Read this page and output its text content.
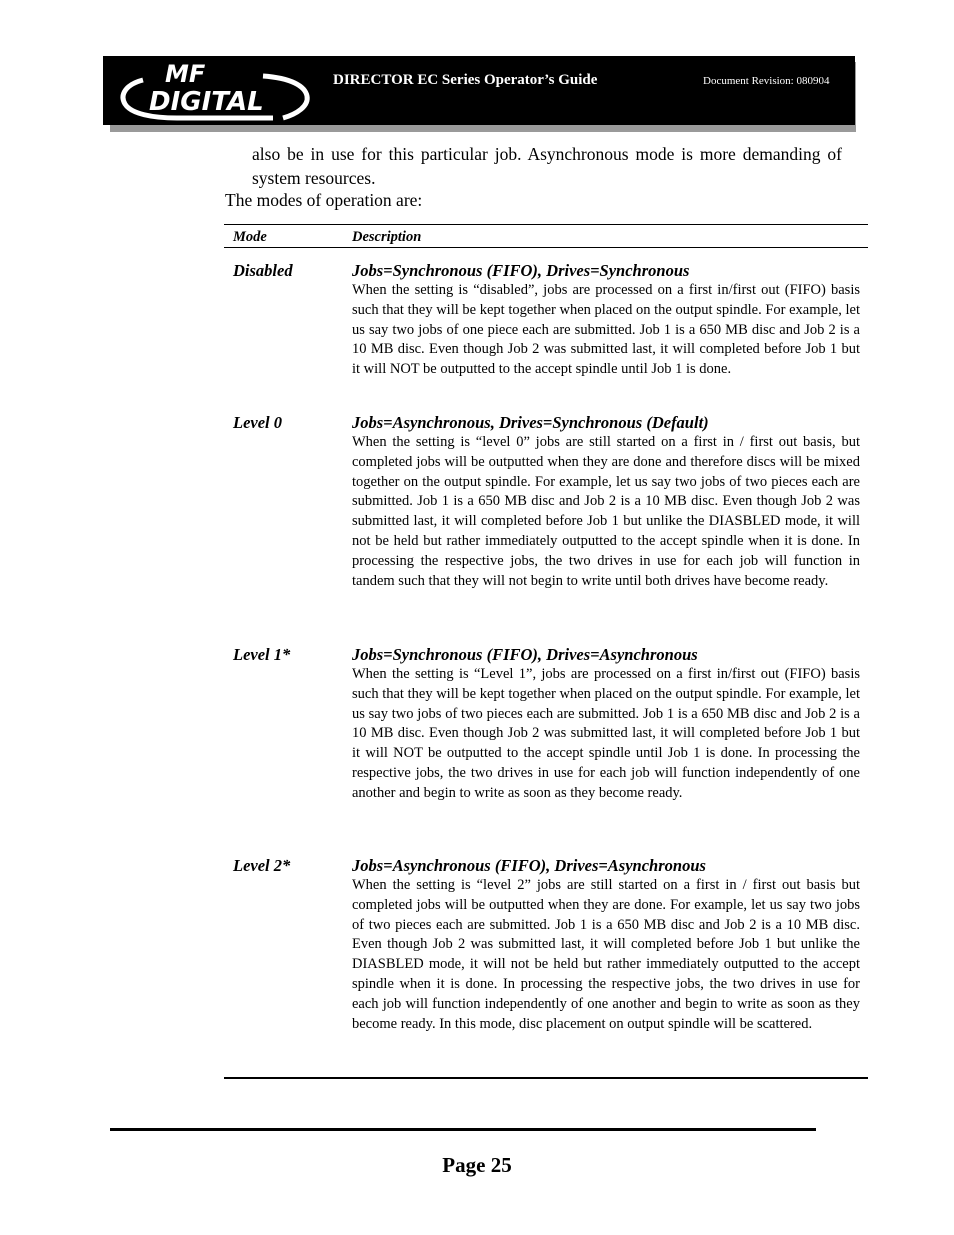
MF
DIGITAL
DIRECTOR EC Series Operator’s Guide	Document Revision: 080904

also be in use for this particular job. Asynchronous mode is more demanding of system resources.

The modes of operation are:

Mode	Description
Disabled	Jobs=Synchronous (FIFO), Drives=Synchronous

When the setting is “disabled”, jobs are processed on a first in/first out (FIFO) basis such that they will be kept together when placed on the output spindle. For example, let us say two jobs of one piece each are submitted. Job 1 is a 650 MB disc and Job 2 is a 10 MB disc. Even though Job 2 was submitted last, it will completed before Job 1 but it will NOT be outputted to the accept spindle until Job 1 is done.

Level 0	Jobs=Asynchronous, Drives=Synchronous (Default)

When the setting is “level 0” jobs are still started on a first in / first out basis, but completed jobs will be outputted when they are done and therefore discs will be mixed together on the output spindle. For example, let us say two jobs of two pieces each are submitted. Job 1 is a 650 MB disc and Job 2 is a 10 MB disc. Even though Job 2 was submitted last, it will completed before Job 1 but unlike the DIASBLED mode, it will not be held but rather immediately outputted to the accept spindle when it is done. In processing the respective jobs, the two drives in use for each job will function in tandem such that they will not begin to write until both drives have become ready.

Level 1*	Jobs=Synchronous (FIFO), Drives=Asynchronous

When the setting is “Level 1”, jobs are processed on a first in/first out (FIFO) basis such that they will be kept together when placed on the output spindle. For example, let us say two jobs of two pieces each are submitted. Job 1 is a 650 MB disc and Job 2 is a 10 MB disc. Even though Job 2 was submitted last, it will completed before Job 1 but it will NOT be outputted to the accept spindle until Job 1 is done. In processing the respective jobs, the two drives in use for each job will function independently of one another and begin to write as soon as they become ready.

Level 2*	Jobs=Asynchronous (FIFO), Drives=Asynchronous

When the setting is “level 2” jobs are still started on a first in / first out basis but completed jobs will be outputted when they are done. For example, let us say two jobs of two pieces each are submitted. Job 1 is a 650 MB disc and Job 2 is a 10 MB disc. Even though Job 2 was submitted last, it will completed before Job 1 but unlike the DIASBLED mode, it will not be held but rather immediately outputted to the accept spindle when it is done. In processing the respective jobs, the two drives in use for each job will function independently of one another and begin to write as soon as they become ready. In this mode, disc placement on output spindle will be scattered.

Page 25
